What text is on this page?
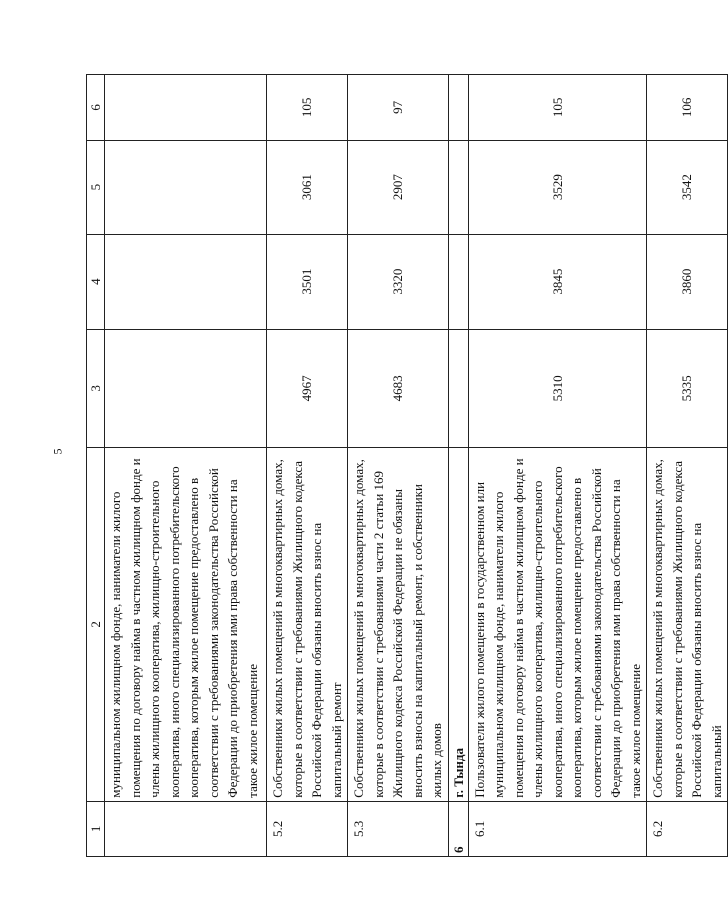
5
1	2	3	4	5	6
	муниципальном жилищном фонде, наниматели жилого помещения по договору найма в частном жилищном фонде и члены жилищного кооператива, жилищно-строительного кооператива, иного специализированного потребительского кооператива, которым жилое помещение предоставлено в соответствии с требованиями законодательства Российской Федерации до приобретения ими права собственности на такое жилое помещение				
5.2	Собственники жилых помещений в многоквартирных домах, которые в соответствии с требованиями Жилищного кодекса Российской Федерации обязаны вносить взнос на капитальный ремонт	4967	3501	3061	105
5.3	Собственники жилых помещений в многоквартирных домах, которые в соответствии с требованиями части 2 статьи 169 Жилищного кодекса Российской Федерации не обязаны вносить взносы на капитальный ремонт, и собственники жилых домов	4683	3320	2907	97
6	г. Тында				
6.1	Пользователи жилого помещения в государственном или муниципальном жилищном фонде, наниматели жилого помещения по договору найма в частном жилищном фонде и члены жилищного кооператива, жилищно-строительного кооператива, иного специализированного потребительского кооператива, которым жилое помещение предоставлено в соответствии с требованиями законодательства Российской Федерации до приобретения ими права собственности на такое жилое помещение	5310	3845	3529	105
6.2	Собственники жилых помещений в многоквартирных домах, которые в соответствии с требованиями Жилищного кодекса Российской Федерации обязаны вносить взнос на капитальный	5335	3860	3542	106
